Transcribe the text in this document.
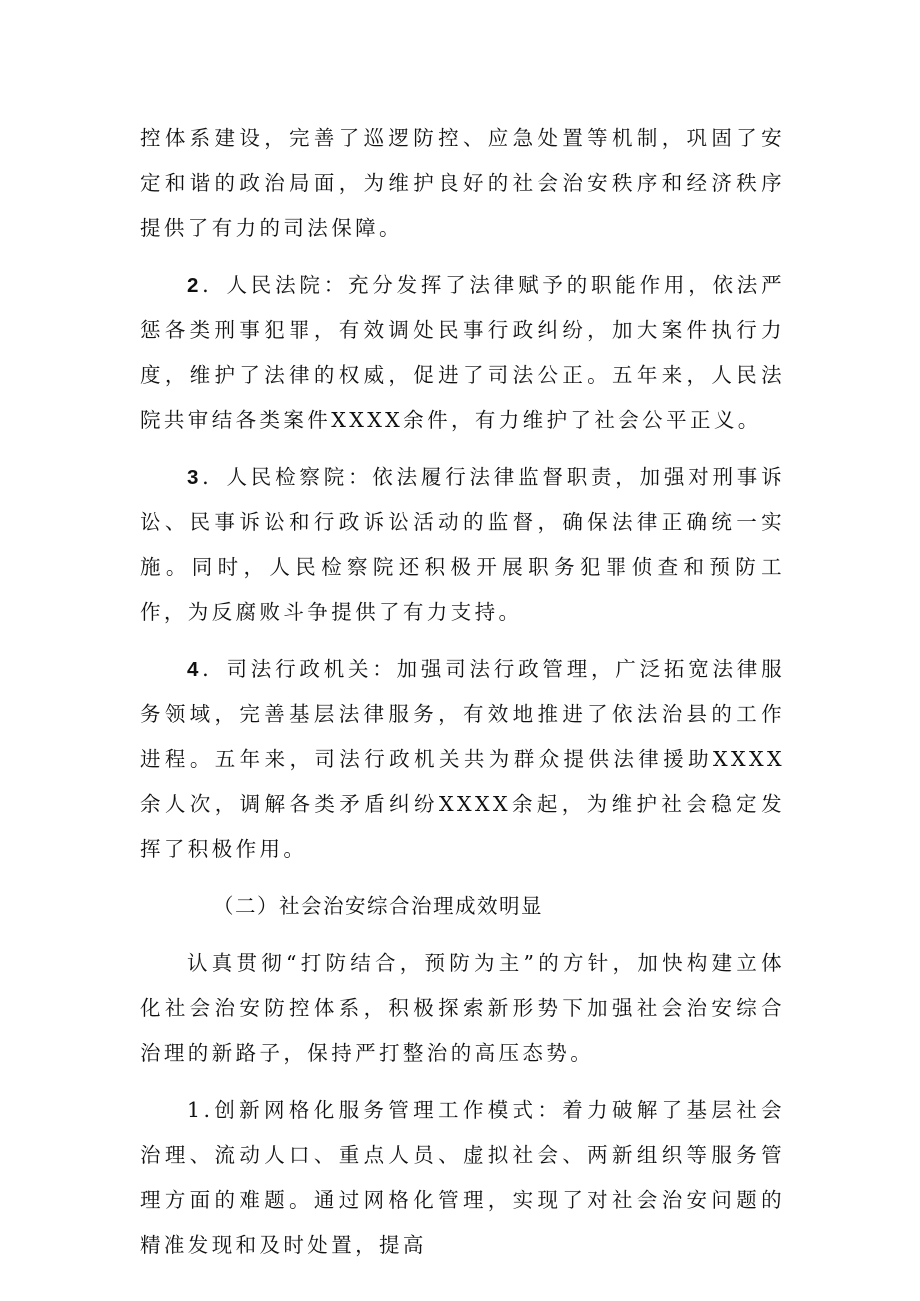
控体系建设，完善了巡逻防控、应急处置等机制，巩固了安定和谐的政治局面，为维护良好的社会治安秩序和经济秩序提供了有力的司法保障。

2．人民法院：充分发挥了法律赋予的职能作用，依法严惩各类刑事犯罪，有效调处民事行政纠纷，加大案件执行力度，维护了法律的权威，促进了司法公正。五年来，人民法院共审结各类案件XXXX余件，有力维护了社会公平正义。

3．人民检察院：依法履行法律监督职责，加强对刑事诉讼、民事诉讼和行政诉讼活动的监督，确保法律正确统一实施。同时，人民检察院还积极开展职务犯罪侦查和预防工作，为反腐败斗争提供了有力支持。

4．司法行政机关：加强司法行政管理，广泛拓宽法律服务领域，完善基层法律服务，有效地推进了依法治县的工作进程。五年来，司法行政机关共为群众提供法律援助XXXX余人次，调解各类矛盾纠纷XXXX余起，为维护社会稳定发挥了积极作用。

（二）社会治安综合治理成效明显

认真贯彻“打防结合，预防为主”的方针，加快构建立体化社会治安防控体系，积极探索新形势下加强社会治安综合治理的新路子，保持严打整治的高压态势。

1.创新网格化服务管理工作模式：着力破解了基层社会治理、流动人口、重点人员、虚拟社会、两新组织等服务管理方面的难题。通过网格化管理，实现了对社会治安问题的精准发现和及时处置，提高
